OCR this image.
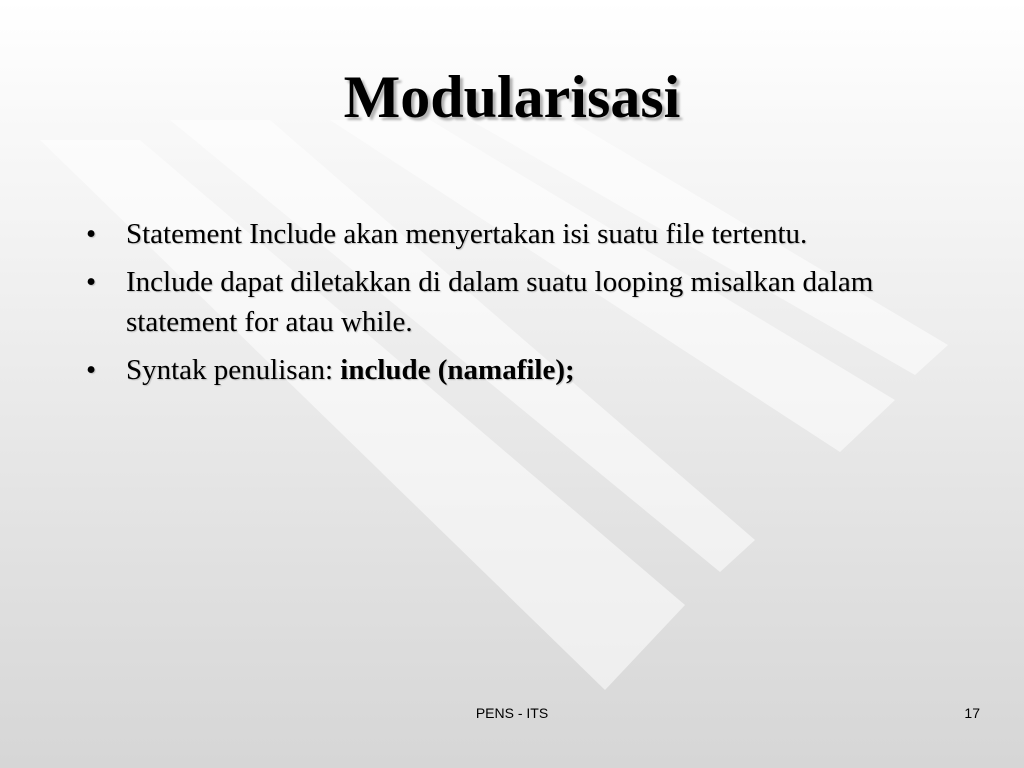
Modularisasi
• Statement Include akan menyertakan isi suatu file tertentu.
• Include dapat diletakkan di dalam suatu looping misalkan dalam statement for atau while.
• Syntak penulisan: include (namafile);
PENS - ITS	17
